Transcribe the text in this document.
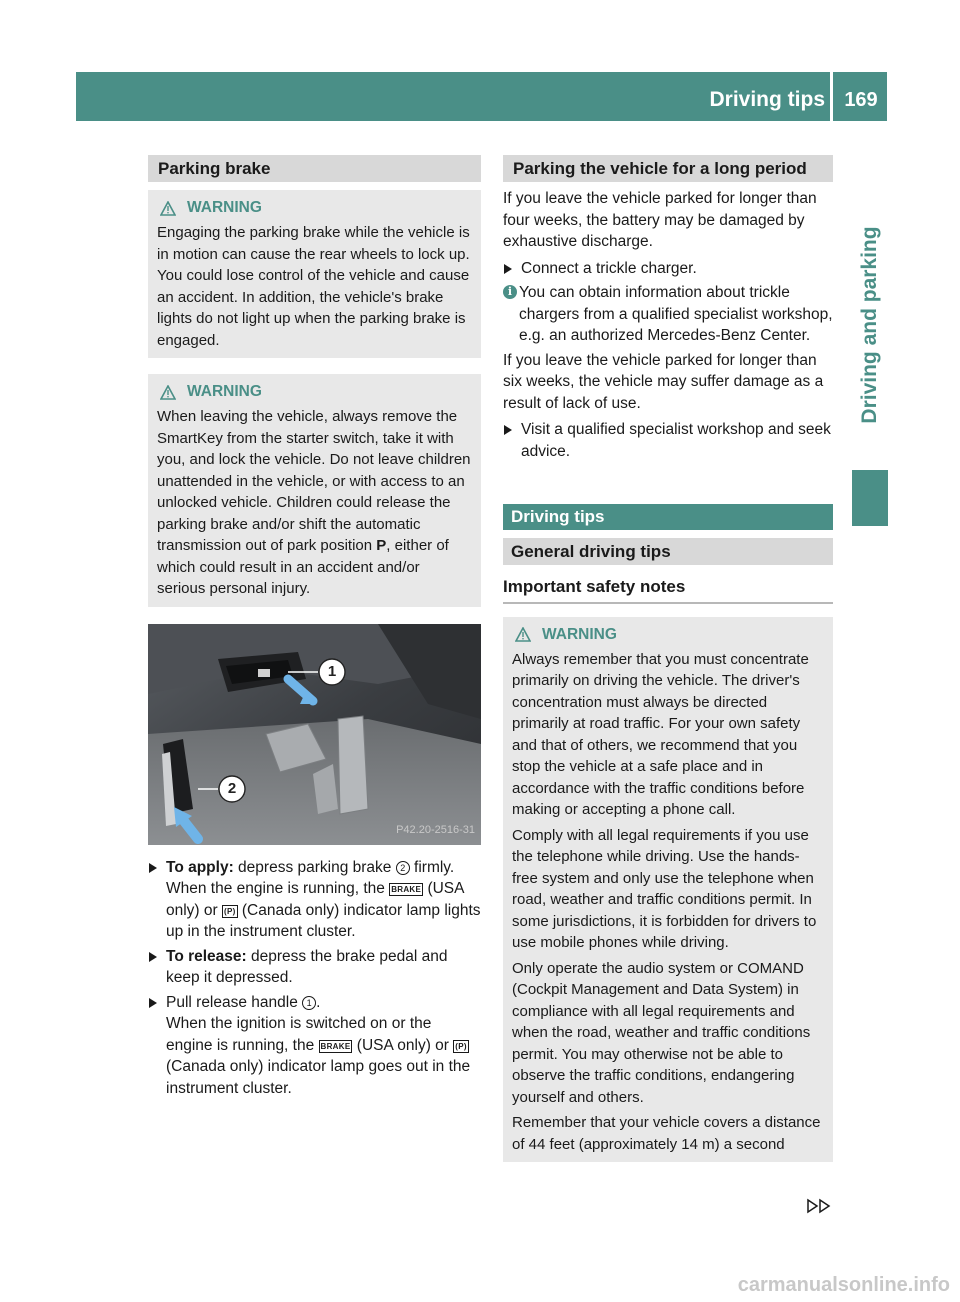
Driving tips 169
Driving and parking
Parking brake
WARNING
Engaging the parking brake while the vehicle is in motion can cause the rear wheels to lock up. You could lose control of the vehicle and cause an accident. In addition, the vehicle's brake lights do not light up when the parking brake is engaged.
WARNING
When leaving the vehicle, always remove the SmartKey from the starter switch, take it with you, and lock the vehicle. Do not leave children unattended in the vehicle, or with access to an unlocked vehicle. Children could release the parking brake and/or shift the automatic transmission out of park position P, either of which could result in an accident and/or serious personal injury.
1
2
P42.20-2516-31
To apply: depress parking brake 2 firmly. When the engine is running, the BRAKE (USA only) or (P) (Canada only) indicator lamp lights up in the instrument cluster.
To release: depress the brake pedal and keep it depressed.
Pull release handle 1 .
When the ignition is switched on or the engine is running, the BRAKE (USA only) or (P) (Canada only) indicator lamp goes out in the instrument cluster.
Parking the vehicle for a long period

If you leave the vehicle parked for longer than four weeks, the battery may be damaged by exhaustive discharge.

Connect a trickle charger.
i You can obtain information about trickle chargers from a qualified specialist workshop, e.g. an authorized Mercedes-Benz Center.

If you leave the vehicle parked for longer than six weeks, the vehicle may suffer damage as a result of lack of use.

Visit a qualified specialist workshop and seek advice.
Driving tips
General driving tips
Important safety notes
WARNING
Always remember that you must concentrate primarily on driving the vehicle. The driver's concentration must always be directed primarily at road traffic. For your own safety and that of others, we recommend that you stop the vehicle at a safe place and in accordance with the traffic conditions before making or accepting a phone call.
Comply with all legal requirements if you use the telephone while driving. Use the hands-free system and only use the telephone when road, weather and traffic conditions permit. In some jurisdictions, it is forbidden for drivers to use mobile phones while driving.
Only operate the audio system or COMAND (Cockpit Management and Data System) in compliance with all legal requirements and when the road, weather and traffic conditions permit. You may otherwise not be able to observe the traffic conditions, endangering yourself and others.
Remember that your vehicle covers a distance of 44 feet (approximately 14 m) a second
carmanualsonline.info
